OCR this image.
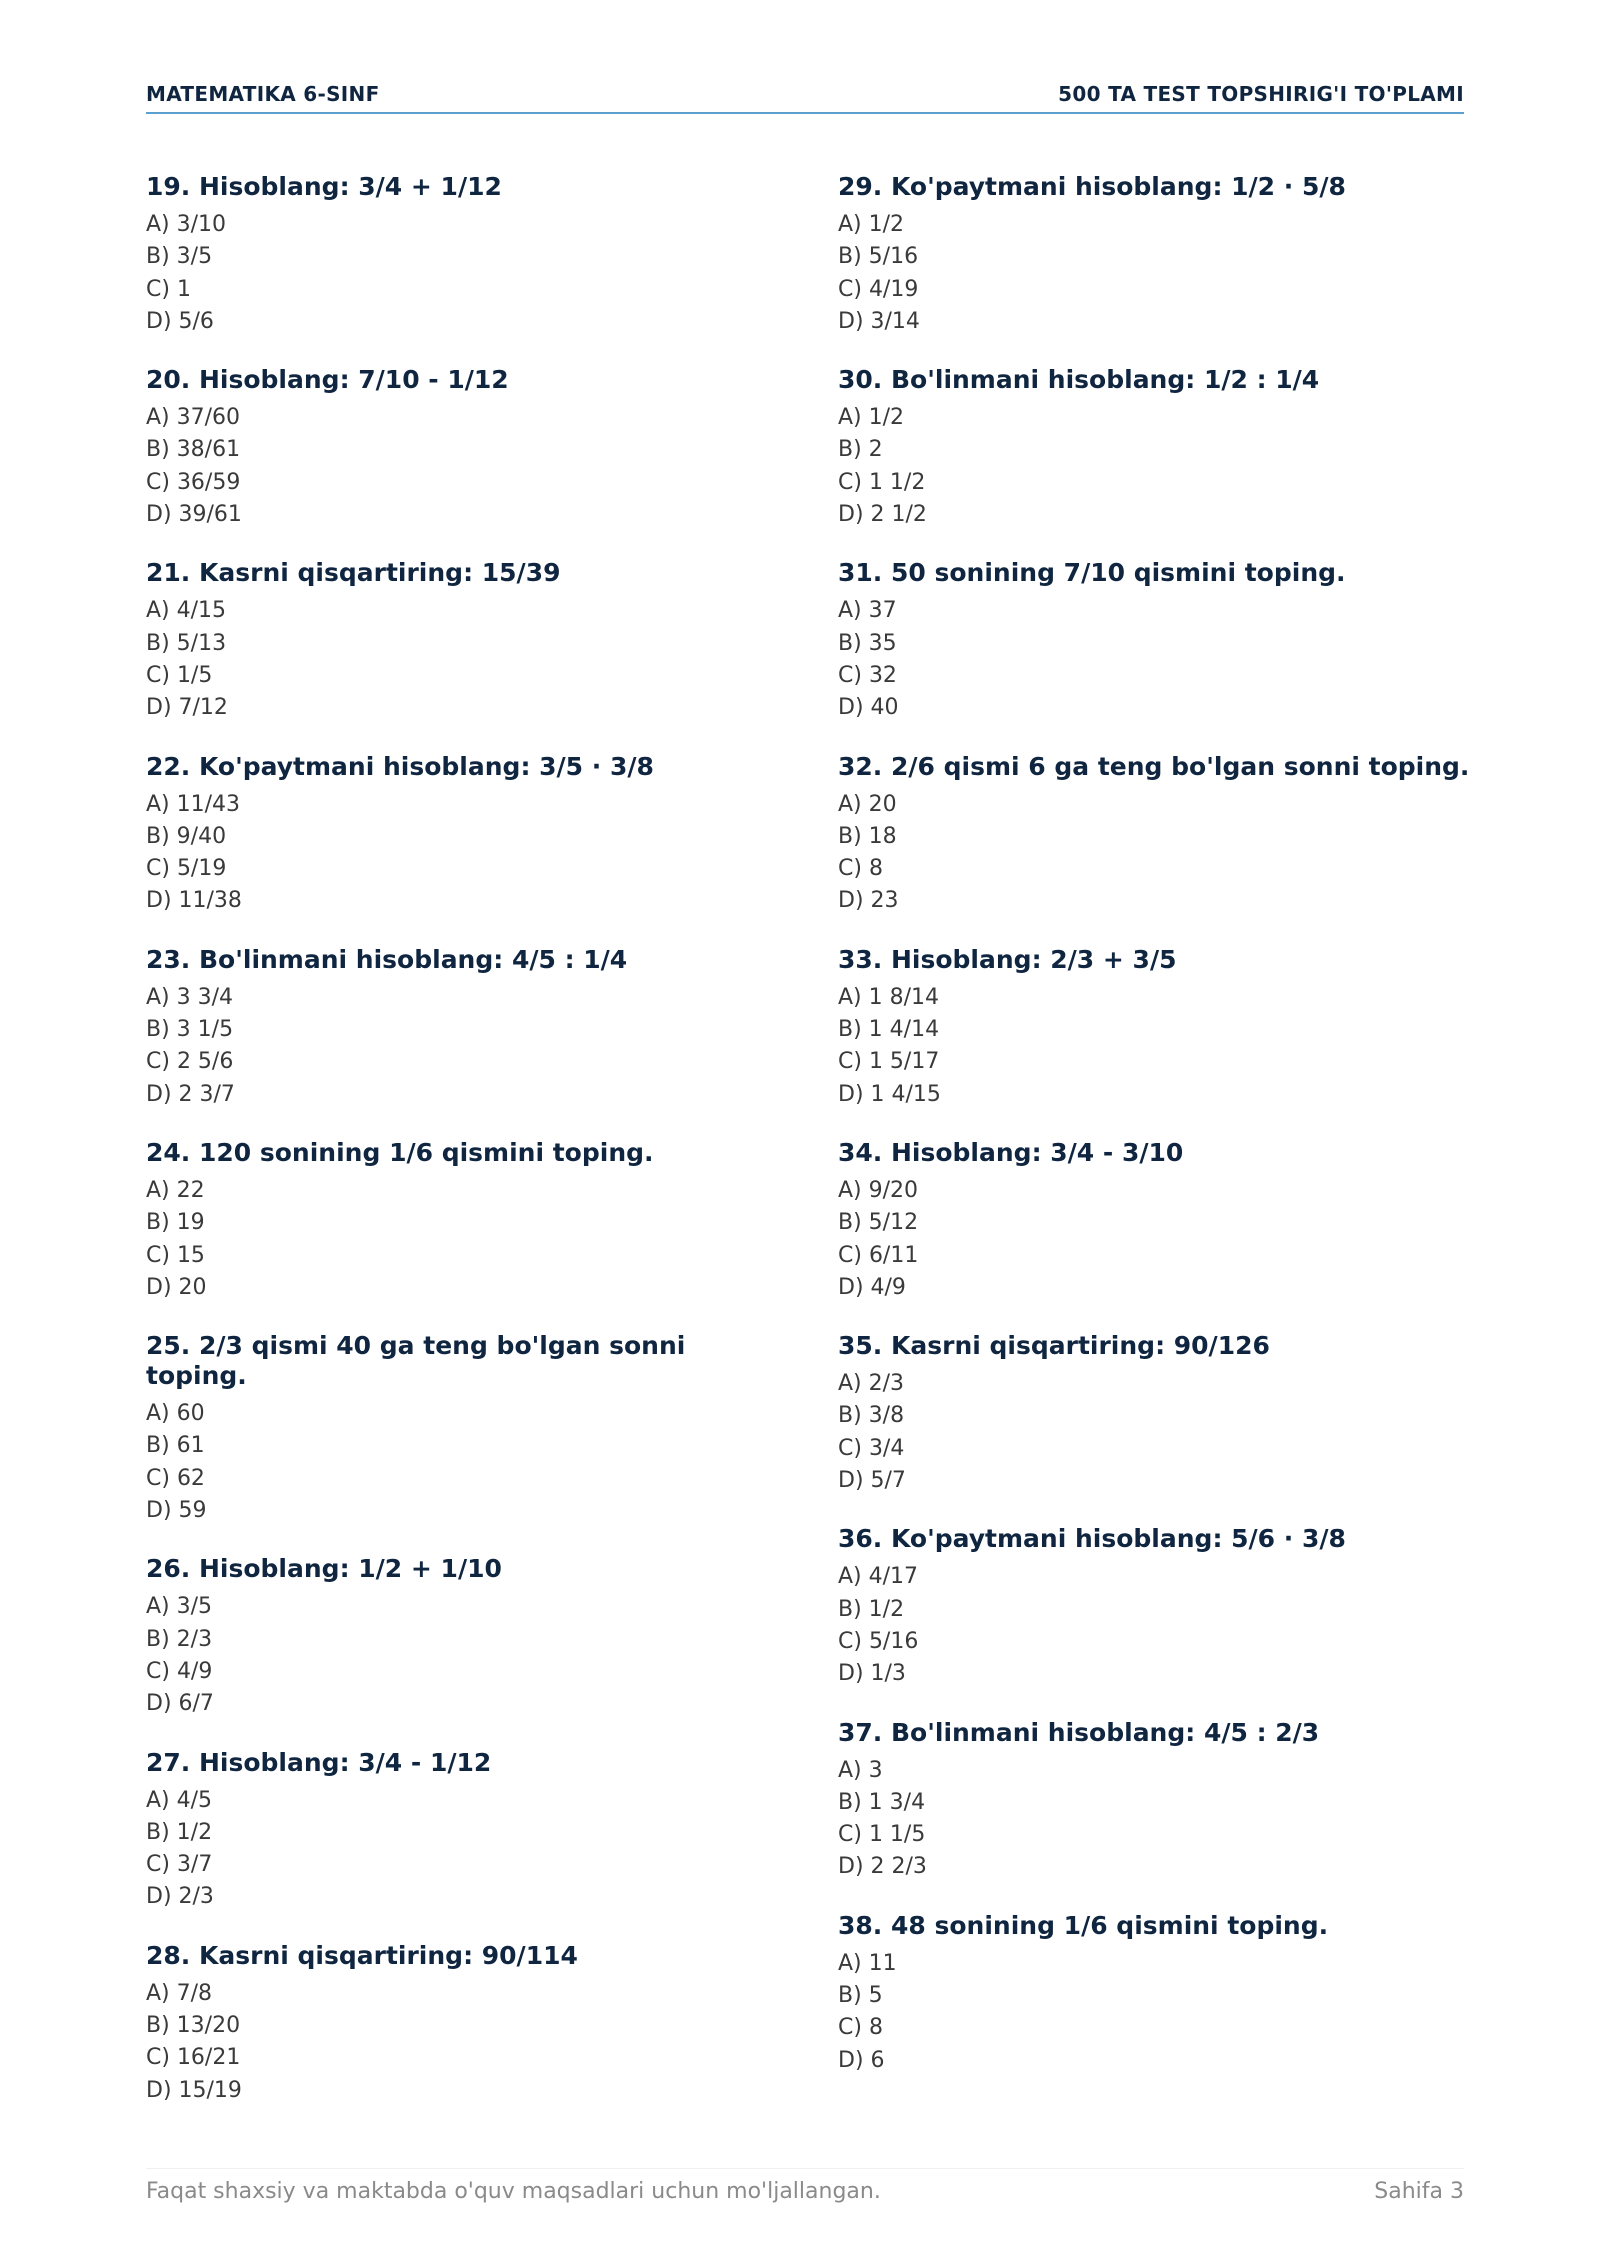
MATEMATIKA 6-SINF	500 TA TEST TOPSHIRIG'I TO'PLAMI
19. Hisoblang: 3/4 + 1/12
A) 3/10
B) 3/5
C) 1
D) 5/6
20. Hisoblang: 7/10 - 1/12
A) 37/60
B) 38/61
C) 36/59
D) 39/61
21. Kasrni qisqartiring: 15/39
A) 4/15
B) 5/13
C) 1/5
D) 7/12
22. Ko'paytmani hisoblang: 3/5 · 3/8
A) 11/43
B) 9/40
C) 5/19
D) 11/38
23. Bo'linmani hisoblang: 4/5 : 1/4
A) 3 3/4
B) 3 1/5
C) 2 5/6
D) 2 3/7
24. 120 sonining 1/6 qismini toping.
A) 22
B) 19
C) 15
D) 20
25. 2/3 qismi 40 ga teng bo'lgan sonni toping.
A) 60
B) 61
C) 62
D) 59
26. Hisoblang: 1/2 + 1/10
A) 3/5
B) 2/3
C) 4/9
D) 6/7
27. Hisoblang: 3/4 - 1/12
A) 4/5
B) 1/2
C) 3/7
D) 2/3
28. Kasrni qisqartiring: 90/114
A) 7/8
B) 13/20
C) 16/21
D) 15/19
29. Ko'paytmani hisoblang: 1/2 · 5/8
A) 1/2
B) 5/16
C) 4/19
D) 3/14
30. Bo'linmani hisoblang: 1/2 : 1/4
A) 1/2
B) 2
C) 1 1/2
D) 2 1/2
31. 50 sonining 7/10 qismini toping.
A) 37
B) 35
C) 32
D) 40
32. 2/6 qismi 6 ga teng bo'lgan sonni toping.
A) 20
B) 18
C) 8
D) 23
33. Hisoblang: 2/3 + 3/5
A) 1 8/14
B) 1 4/14
C) 1 5/17
D) 1 4/15
34. Hisoblang: 3/4 - 3/10
A) 9/20
B) 5/12
C) 6/11
D) 4/9
35. Kasrni qisqartiring: 90/126
A) 2/3
B) 3/8
C) 3/4
D) 5/7
36. Ko'paytmani hisoblang: 5/6 · 3/8
A) 4/17
B) 1/2
C) 5/16
D) 1/3
37. Bo'linmani hisoblang: 4/5 : 2/3
A) 3
B) 1 3/4
C) 1 1/5
D) 2 2/3
38. 48 sonining 1/6 qismini toping.
A) 11
B) 5
C) 8
D) 6
Faqat shaxsiy va maktabda o'quv maqsadlari uchun mo'ljallangan.	Sahifa 3
